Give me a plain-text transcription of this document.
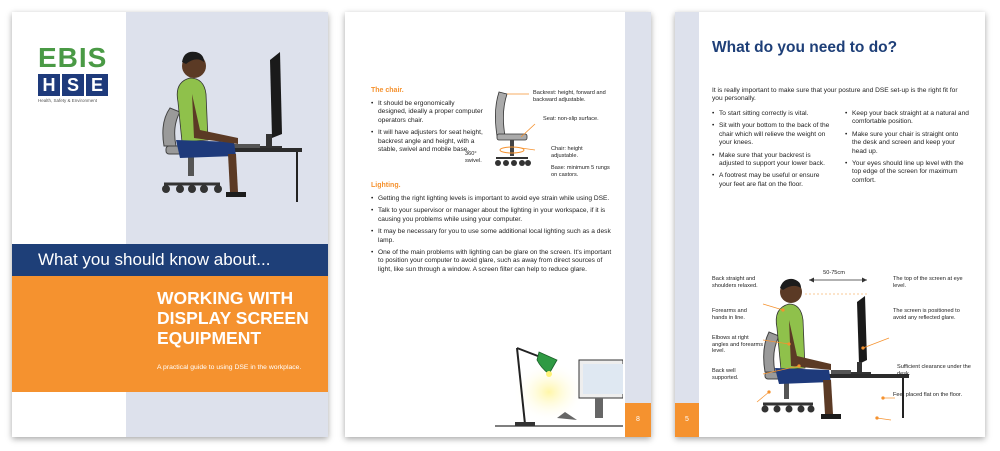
EBIS
H S E
Health, Safety & Environment
What you should know about...
WORKING WITH
DISPLAY SCREEN
EQUIPMENT
A practical guide to using DSE in the workplace.
The chair.
• It should be ergonomically designed, ideally a proper computer operators chair.
• It will have adjusters for seat height, backrest angle and height, with a stable, swivel and mobile base.
Backrest: height, forward and backward adjustable.
Seat: non-slip surface.
Chair: height adjustable.
360° swivel.
Base: minimum 5 rungs on castors.
Lighting.
• Getting the right lighting levels is important to avoid eye strain while using DSE.
• Talk to your supervisor or manager about the lighting in your workspace, if it is causing you problems while using your computer.
• It may be necessary for you to use some additional local lighting such as a desk lamp.
• One of the main problems with lighting can be glare on the screen. It's important to position your computer to avoid glare, such as away from direct sources of light, like sun through a window. A screen filter can help to reduce glare.
8
What do you need to do?
It is really important to make sure that your posture and DSE set-up is the right fit for you personally.
• To start sitting correctly is vital.
• Sit with your bottom to the back of the chair which will relieve the weight on your knees.
• Make sure that your backrest is adjusted to support your lower back.
• A footrest may be useful or ensure your feet are flat on the floor.
• Keep your back straight at a natural and comfortable position.
• Make sure your chair is straight onto the desk and screen and keep your head up.
• Your eyes should line up level with the top edge of the screen for maximum comfort.
Back straight and shoulders relaxed.
Forearms and hands in line.
Elbows at right angles and forearms level.
Back well supported.
50-75cm
The top of the screen at eye level.
The screen is positioned to avoid any reflected glare.
Sufficient clearance under the desk.
Feet placed flat on the floor.
5
